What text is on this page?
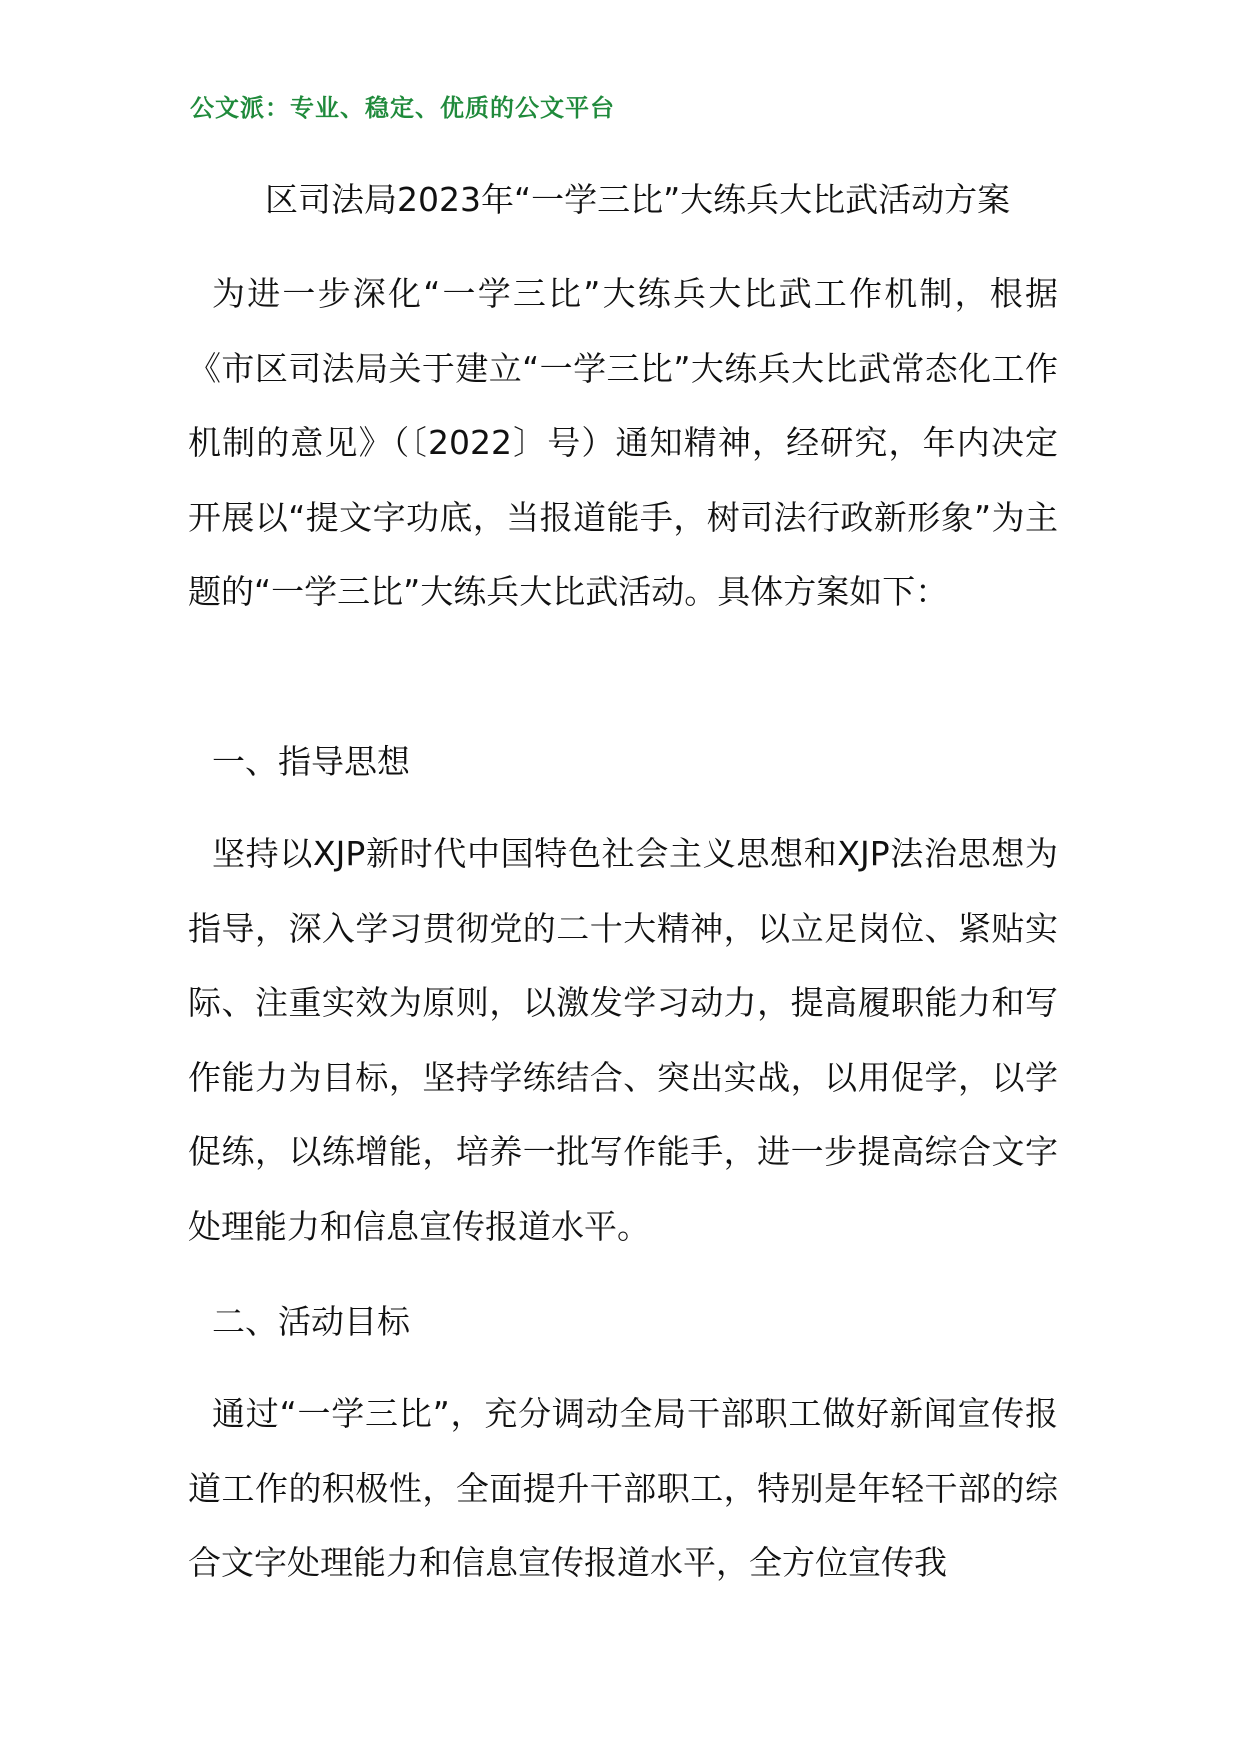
公文派：专业、稳定、优质的公文平台
区司法局2023年“一学三比”大练兵大比武活动方案
为进一步深化“一学三比”大练兵大比武工作机制，根据《市区司法局关于建立“一学三比”大练兵大比武常态化工作机制的意见》（〔2022〕号）通知精神，经研究，年内决定开展以“提文字功底，当报道能手，树司法行政新形象”为主题的“一学三比”大练兵大比武活动。具体方案如下：
一、指导思想
坚持以XJP新时代中国特色社会主义思想和XJP法治思想为指导，深入学习贯彻党的二十大精神，以立足岗位、紧贴实际、注重实效为原则，以激发学习动力，提高履职能力和写作能力为目标，坚持学练结合、突出实战，以用促学，以学促练，以练增能，培养一批写作能手，进一步提高综合文字处理能力和信息宣传报道水平。
二、活动目标
通过“一学三比”，充分调动全局干部职工做好新闻宣传报道工作的积极性，全面提升干部职工，特别是年轻干部的综合文字处理能力和信息宣传报道水平，全方位宣传我
